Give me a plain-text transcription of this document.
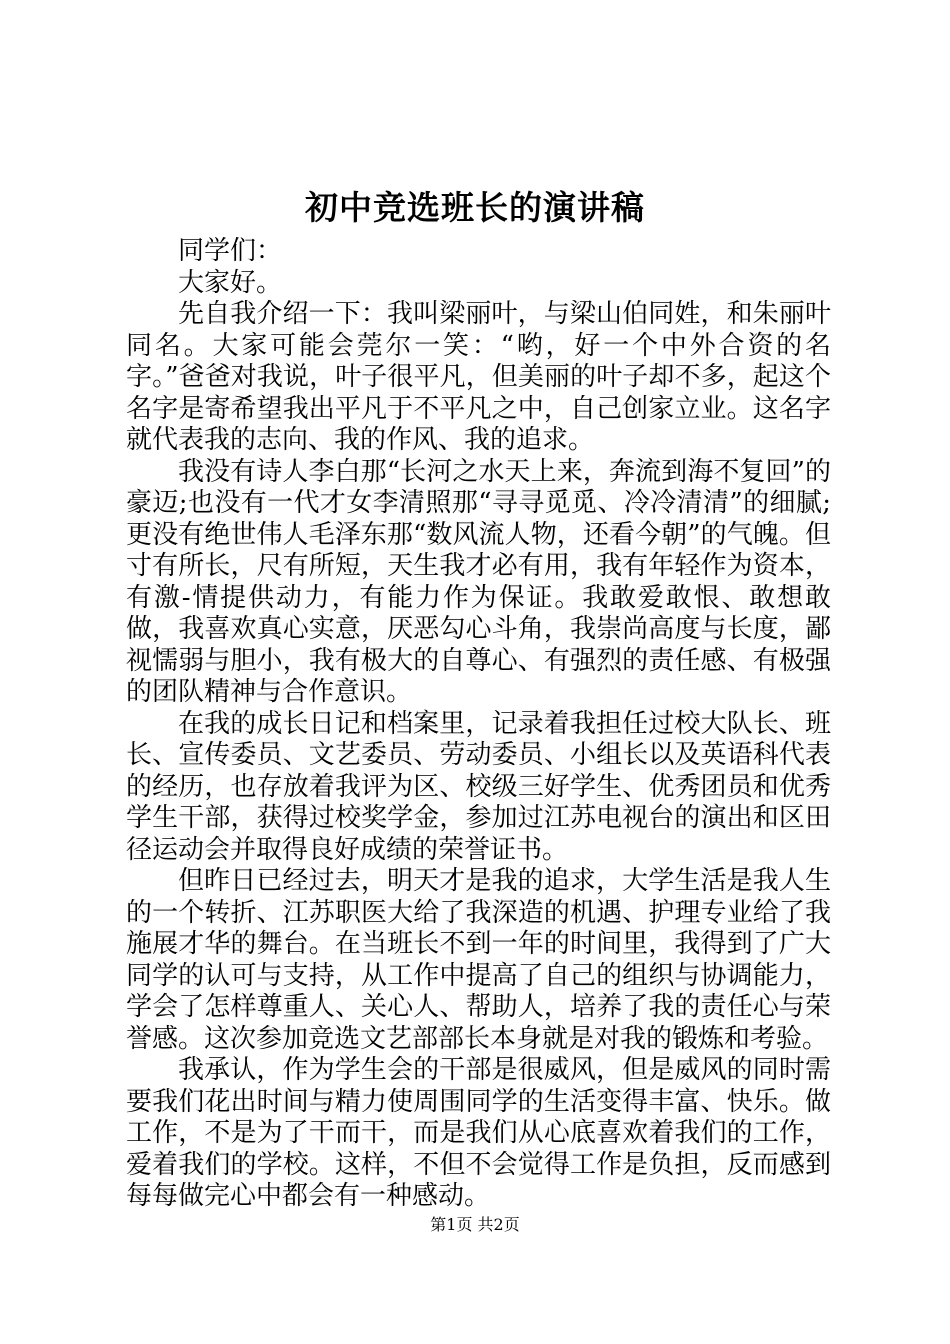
初中竞选班长的演讲稿

同学们：

大家好。

先自我介绍一下：我叫梁丽叶，与梁山伯同姓，和朱丽叶同名。大家可能会莞尔一笑：“哟，好一个中外合资的名字。”爸爸对我说，叶子很平凡，但美丽的叶子却不多，起这个名字是寄希望我出平凡于不平凡之中，自己创家立业。这名字就代表我的志向、我的作风、我的追求。

我没有诗人李白那“长河之水天上来，奔流到海不复回”的豪迈;也没有一代才女李清照那“寻寻觅觅、冷冷清清”的细腻;更没有绝世伟人毛泽东那“数风流人物，还看今朝”的气魄。但寸有所长，尺有所短，天生我才必有用，我有年轻作为资本，有激-情提供动力，有能力作为保证。我敢爱敢恨、敢想敢做，我喜欢真心实意，厌恶勾心斗角，我崇尚高度与长度，鄙视懦弱与胆小，我有极大的自尊心、有强烈的责任感、有极强的团队精神与合作意识。

在我的成长日记和档案里，记录着我担任过校大队长、班长、宣传委员、文艺委员、劳动委员、小组长以及英语科代表的经历，也存放着我评为区、校级三好学生、优秀团员和优秀学生干部，获得过校奖学金，参加过江苏电视台的演出和区田径运动会并取得良好成绩的荣誉证书。

但昨日已经过去，明天才是我的追求，大学生活是我人生的一个转折、江苏职医大给了我深造的机遇、护理专业给了我施展才华的舞台。在当班长不到一年的时间里，我得到了广大同学的认可与支持，从工作中提高了自己的组织与协调能力，学会了怎样尊重人、关心人、帮助人，培养了我的责任心与荣誉感。这次参加竞选文艺部部长本身就是对我的锻炼和考验。

我承认，作为学生会的干部是很威风，但是威风的同时需要我们花出时间与精力使周围同学的生活变得丰富、快乐。做工作，不是为了干而干，而是我们从心底喜欢着我们的工作，爱着我们的学校。这样，不但不会觉得工作是负担，反而感到每每做完心中都会有一种感动。

第1页 共2页
